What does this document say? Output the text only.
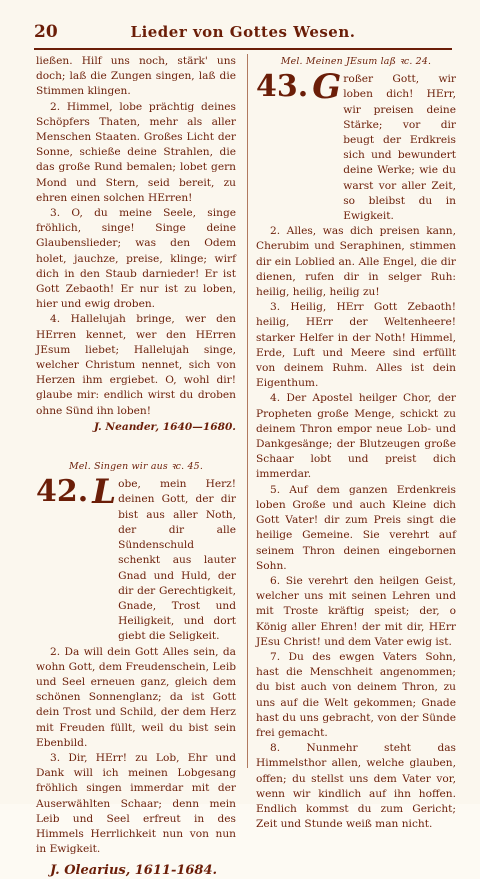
20	Lieder von Gottes Wesen.

ließen. Hilf uns noch, stärk' uns doch; laß die Zungen singen, laß die Stimmen klingen.

2. Himmel, lobe prächtig deines Schöpfers Thaten, mehr als aller Menschen Staaten. Großes Licht der Sonne, schieße deine Strahlen, die das große Rund bemalen; lobet gern Mond und Stern, seid bereit, zu ehren einen solchen HErren!

3. O, du meine Seele, singe fröhlich, singe! Singe deine Glaubenslieder; was den Odem holet, jauchze, preise, klinge; wirf dich in den Staub darnieder! Er ist Gott Zebaoth! Er nur ist zu loben, hier und ewig droben.

4. Hallelujah bringe, wer den HErren kennet, wer den HErren JEsum liebet; Hallelujah singe, welcher Christum nennet, sich von Herzen ihm ergiebet. O, wohl dir! glaube mir: endlich wirst du droben ohne Sünd ihn loben!

J. Neander, 1640—1680.
Mel. Singen wir aus ꝛc. 45.
42. L obe, mein Herz! deinen Gott, der dir bist aus aller Noth, der dir alle Sündenschuld schenkt aus lauter Gnad und Huld, der dir der Gerechtigkeit, Gnade, Trost und Heiligkeit, und dort giebt die Seligkeit.

2. Da will dein Gott Alles sein, da wohn Gott, dem Freudenschein, Leib und Seel erneuen ganz, gleich dem schönen Sonnenglanz; da ist Gott dein Trost und Schild, der dem Herz mit Freuden füllt, weil du bist sein Ebenbild.

3. Dir, HErr! zu Lob, Ehr und Dank will ich meinen Lobgesang fröhlich singen immerdar mit der Auserwählten Schaar; denn mein Leib und Seel erfreut in des Himmels Herrlichkeit nun von nun in Ewigkeit.

J. Olearius, 1611-1684.
Mel. Meinen JEsum laß ꝛc. 24.
43. G roßer Gott, wir loben dich! HErr, wir preisen deine Stärke; vor dir beugt der Erdkreis sich und bewundert deine Werke; wie du warst vor aller Zeit, so bleibst du in Ewigkeit.

2. Alles, was dich preisen kann, Cherubim und Seraphinen, stimmen dir ein Loblied an. Alle Engel, die dir dienen, rufen dir in selger Ruh: heilig, heilig, heilig zu!

3. Heilig, HErr Gott Zebaoth! heilig, HErr der Weltenheere! starker Helfer in der Noth! Himmel, Erde, Luft und Meere sind erfüllt von deinem Ruhm. Alles ist dein Eigenthum.

4. Der Apostel heilger Chor, der Propheten große Menge, schickt zu deinem Thron empor neue Lob- und Dankgesänge; der Blutzeugen große Schaar lobt und preist dich immerdar.

5. Auf dem ganzen Erdenkreis loben Große und auch Kleine dich Gott Vater! dir zum Preis singt die heilige Gemeine. Sie verehrt auf seinem Thron deinen eingebornen Sohn.

6. Sie verehrt den heilgen Geist, welcher uns mit seinen Lehren und mit Troste kräftig speist; der, o König aller Ehren! der mit dir, HErr JEsu Christ! und dem Vater ewig ist.

7. Du des ewgen Vaters Sohn, hast die Menschheit angenommen; du bist auch von deinem Thron, zu uns auf die Welt gekommen; Gnade hast du uns gebracht, von der Sünde frei gemacht.

8. Nunmehr steht das Himmelsthor allen, welche glauben, offen; du stellst uns dem Vater vor, wenn wir kindlich auf ihn hoffen. Endlich kommst du zum Gericht; Zeit und Stunde weiß man nicht.
